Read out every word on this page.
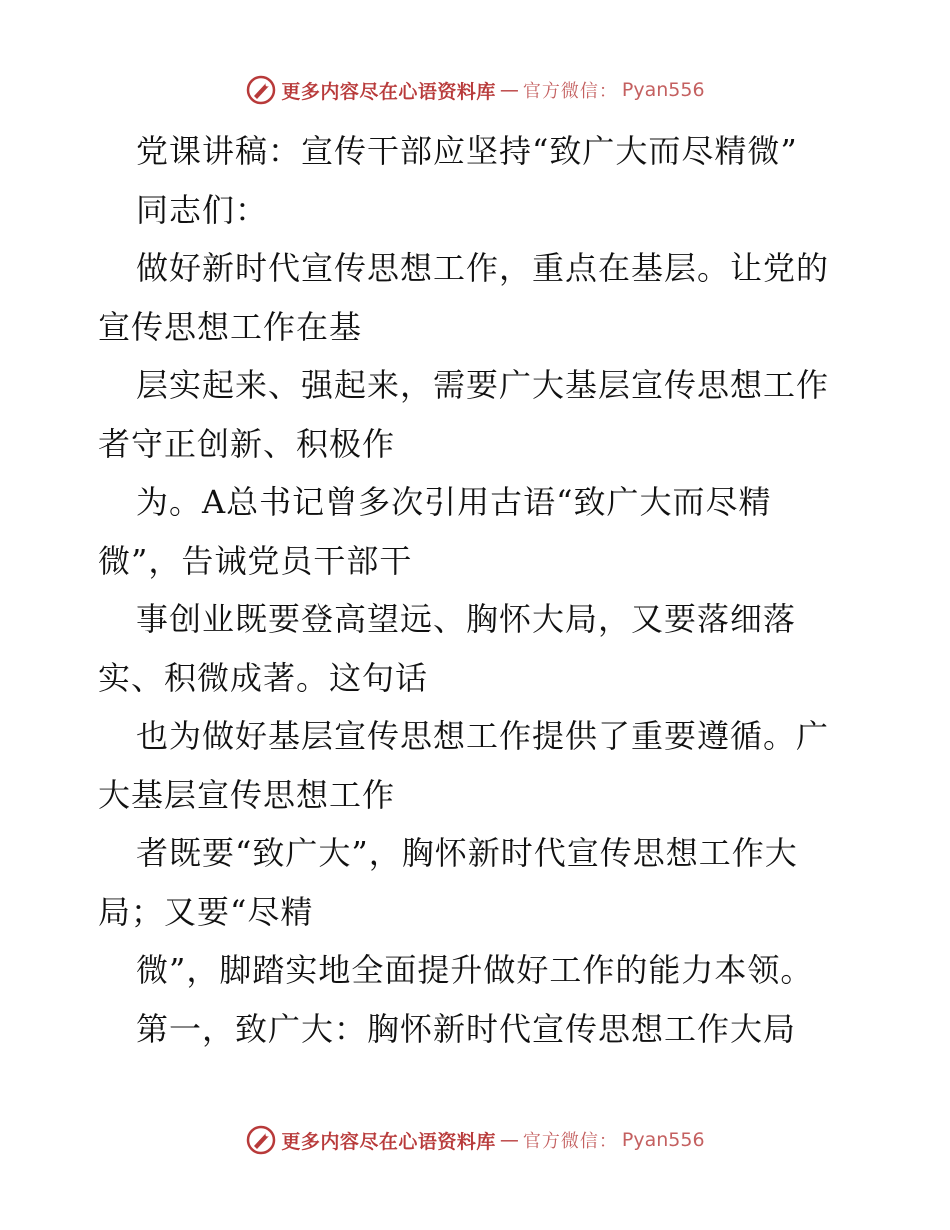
更多内容尽在心语资料库 — 官方微信： Pyan556
党课讲稿：宣传干部应坚持“致广大而尽精微”
同志们：
做好新时代宣传思想工作，重点在基层。让党的
宣传思想工作在基
层实起来、强起来，需要广大基层宣传思想工作
者守正创新、积极作
为。A总书记曾多次引用古语“致广大而尽精
微”，告诫党员干部干
事创业既要登高望远、胸怀大局，又要落细落
实、积微成著。这句话
也为做好基层宣传思想工作提供了重要遵循。广
大基层宣传思想工作
者既要“致广大”，胸怀新时代宣传思想工作大
局；又要“尽精
微”，脚踏实地全面提升做好工作的能力本领。
第一，致广大：胸怀新时代宣传思想工作大局
更多内容尽在心语资料库 — 官方微信： Pyan556
